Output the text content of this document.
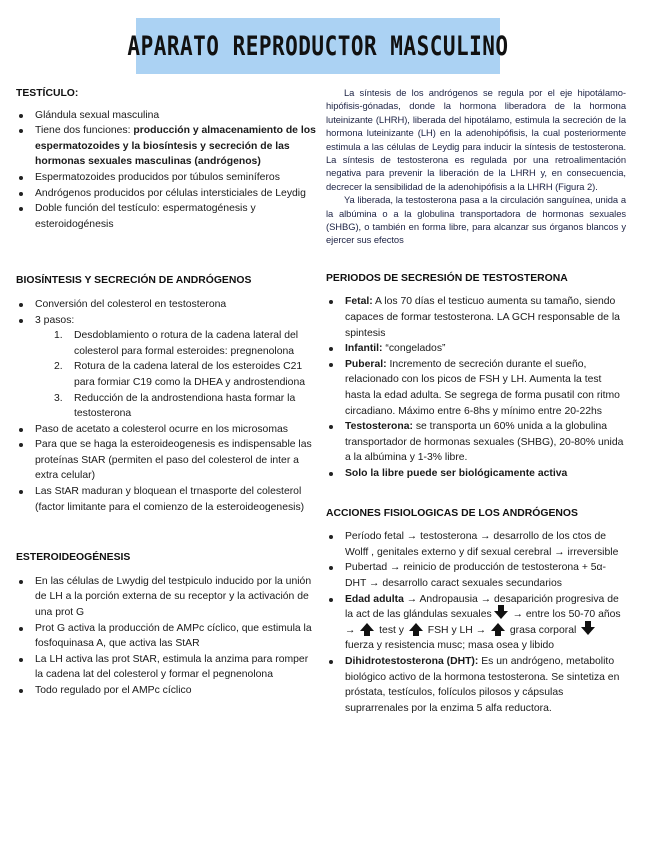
APARATO REPRODUCTOR MASCULINO
TESTÍCULO:
Glándula sexual masculina
Tiene dos funciones: producción y almacenamiento de los espermatozoides y la biosíntesis y secreción de las hormonas sexuales masculinas (andrógenos)
Espermatozoides producidos por túbulos seminíferos
Andrógenos producidos por células intersticiales de Leydig
Doble función del testículo: espermatogénesis y esteroidogénesis
BIOSÍNTESIS Y SECRECIÓN DE ANDRÓGENOS
Conversión del colesterol en testosterona
3 pasos:
1. Desdoblamiento o rotura de la cadena lateral del colesterol para formal esteroides: pregnenolona
2. Rotura de la cadena lateral de los esteroides C21 para formiar C19 como la DHEA y androstendiona
3. Reducción de la androstendiona hasta formar la testosterona
Paso de acetato a colesterol ocurre en los microsomas
Para que se haga la esteroideogenesis es indispensable las proteínas StAR (permiten el paso del colesterol de inter a extra celular)
Las StAR maduran y bloquean el trnasporte del colesterol (factor limitante para el comienzo de la esteroideogenesis)
ESTEROIDEOGÉNESIS
En las células de Lwydig del testpiculo inducido por la unión de LH a la porción externa de su receptor y la activación de una prot G
Prot G activa la producción de AMPc cíclico, que estimula la fosfoquinasa A, que activa las StAR
La LH activa las prot StAR, estimula la anzima para romper la cadena lat del colesterol y formar el pegnenolona
Todo regulado por el AMPc cíclico

La síntesis de los andrógenos se regula por el eje hipotálamo-hipófisis-gónadas, donde la hormona liberadora de la hormona luteinizante (LHRH), liberada del hipotálamo, estimula la secreción de la hormona luteinizante (LH) en la adenohipófisis, la cual posteriormente estimula a las células de Leydig para inducir la síntesis de testosterona. La síntesis de testosterona es regulada por una retroalimentación negativa para prevenir la liberación de la LHRH y, en consecuencia, decrecer la sensibilidad de la adenohipófisis a la LHRH (Figura 2).

Ya liberada, la testosterona pasa a la circulación sanguínea, unida a la albúmina o a la globulina transportadora de hormonas sexuales (SHBG), o también en forma libre, para alcanzar sus órganos blancos y ejercer sus efectos

PERIODOS DE SECRESIÓN DE TESTOSTERONA
Fetal: A los 70 días el testicuo aumenta su tamaño, siendo capaces de formar testosterona. LA GCH responsable de la spintesis
Infantil: “congelados”
Puberal: Incremento de secreción durante el sueño, relacionado con los picos de FSH y LH. Aumenta la test hasta la edad adulta. Se segrega de forma pusatil con ritmo circadiano. Máximo entre 6-8hs y mínimo entre 20-22hs
Testosterona: se transporta un 60% unida a la globulina transportador de hormonas sexuales (SHBG), 20-80% unida a la albúmina y 1-3% libre.
Solo la libre puede ser biológicamente activa
ACCIONES FISIOLOGICAS DE LOS ANDRÓGENOS
Período fetal → testosterona → desarrollo de los ctos de Wolff , genitales externo y dif sexual cerebral → irreversible
Pubertad → reinicio de producción de testosterona + 5α-DHT → desarrollo caract sexuales secundarios
Edad adulta → Andropausia → desaparición progresiva de la act de las glándulas sexuales → entre los 50-70 años →  test y  FSH y LH →  grasa corporal  fuerza y resistencia musc; masa osea y libido
Dihidrotestosterona (DHT): Es un andrógeno, metabolito biológico activo de la hormona testosterona. Se sintetiza en próstata, testículos, folículos pilosos y cápsulas suprarrenales por la enzima 5 alfa reductora.
